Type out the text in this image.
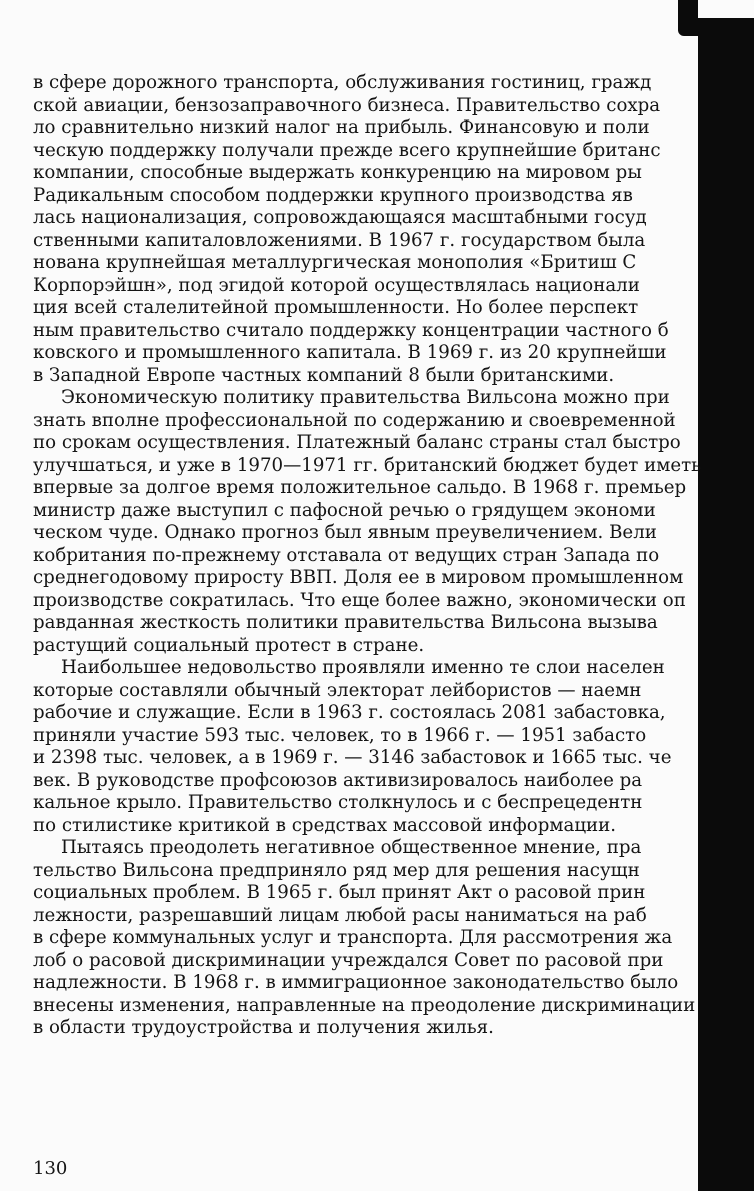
в сфере дорожного транспорта, обслуживания гостиниц, гражд
ской авиации, бензозаправочного бизнеса. Правительство сохра
ло сравнительно низкий налог на прибыль. Финансовую и поли
ческую поддержку получали прежде всего крупнейшие британс
компании, способные выдержать конкуренцию на мировом ры
Радикальным способом поддержки крупного производства яв
лась национализация, сопровождающаяся масштабными госуд
ственными капиталовложениями. В 1967 г. государством была
нована крупнейшая металлургическая монополия «Бритиш С
Корпорэйшн», под эгидой которой осуществлялась национали
ция всей сталелитейной промышленности. Но более перспект
ным правительство считало поддержку концентрации частного б
ковского и промышленного капитала. В 1969 г. из 20 крупнейши
в Западной Европе частных компаний 8 были британскими.
Экономическую политику правительства Вильсона можно при
знать вполне профессиональной по содержанию и своевременной
по срокам осуществления. Платежный баланс страны стал быстро
улучшаться, и уже в 1970—1971 гг. британский бюджет будет иметь
впервые за долгое время положительное сальдо. В 1968 г. премьер
министр даже выступил с пафосной речью о грядущем экономи
ческом чуде. Однако прогноз был явным преувеличением. Вели
кобритания по-прежнему отставала от ведущих стран Запада по
среднегодовому приросту ВВП. Доля ее в мировом промышленном
производстве сократилась. Что еще более важно, экономически оп
равданная жесткость политики правительства Вильсона вызыва
растущий социальный протест в стране.
Наибольшее недовольство проявляли именно те слои населен
которые составляли обычный электорат лейбористов — наемн
рабочие и служащие. Если в 1963 г. состоялась 2081 забастовка,
приняли участие 593 тыс. человек, то в 1966 г. — 1951 забасто
и 2398 тыс. человек, а в 1969 г. — 3146 забастовок и 1665 тыс. че
век. В руководстве профсоюзов активизировалось наиболее ра
кальное крыло. Правительство столкнулось и с беспрецедентн
по стилистике критикой в средствах массовой информации.
Пытаясь преодолеть негативное общественное мнение, пра
тельство Вильсона предприняло ряд мер для решения насущн
социальных проблем. В 1965 г. был принят Акт о расовой прин
лежности, разрешавший лицам любой расы наниматься на раб
в сфере коммунальных услуг и транспорта. Для рассмотрения жа
лоб о расовой дискриминации учреждался Совет по расовой при
надлежности. В 1968 г. в иммиграционное законодательство было
внесены изменения, направленные на преодоление дискриминации
в области трудоустройства и получения жилья.
130
